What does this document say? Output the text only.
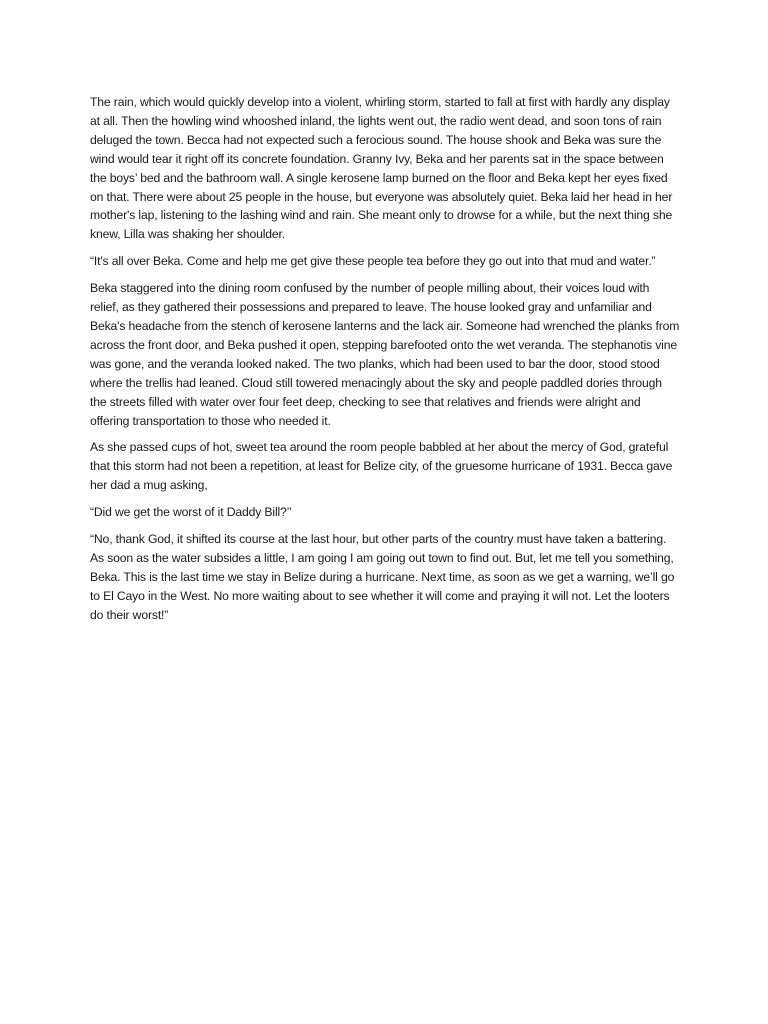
The rain, which would quickly develop into a violent, whirling storm, started to fall at first with hardly any display at all. Then the howling wind whooshed inland, the lights went out, the radio went dead, and soon tons of rain deluged the town. Becca had not expected such a ferocious sound. The house shook and Beka was sure the wind would tear it right off its concrete foundation. Granny Ivy, Beka and her parents sat in the space between the boys’ bed and the bathroom wall. A single kerosene lamp burned on the floor and Beka kept her eyes fixed on that. There were about 25 people in the house, but everyone was absolutely quiet. Beka laid her head in her mother's lap, listening to the lashing wind and rain. She meant only to drowse for a while, but the next thing she knew, Lilla was shaking her shoulder.

“It's all over Beka. Come and help me get give these people tea before they go out into that mud and water.”

Beka staggered into the dining room confused by the number of people milling about, their voices loud with relief, as they gathered their possessions and prepared to leave. The house looked gray and unfamiliar and Beka's headache from the stench of kerosene lanterns and the lack air. Someone had wrenched the planks from across the front door, and Beka pushed it open, stepping barefooted onto the wet veranda. The stephanotis vine was gone, and the veranda looked naked. The two planks, which had been used to bar the door, stood stood where the trellis had leaned. Cloud still towered menacingly about the sky and people paddled dories through the streets filled with water over four feet deep, checking to see that relatives and friends were alright and offering transportation to those who needed it.

As she passed cups of hot, sweet tea around the room people babbled at her about the mercy of God, grateful that this storm had not been a repetition, at least for Belize city, of the gruesome hurricane of 1931. Becca gave her dad a mug asking,

“Did we get the worst of it Daddy Bill?’’

“No, thank God, it shifted its course at the last hour, but other parts of the country must have taken a battering. As soon as the water subsides a little, I am going I am going out town to find out. But, let me tell you something, Beka. This is the last time we stay in Belize during a hurricane. Next time, as soon as we get a warning, we’ll go to El Cayo in the West. No more waiting about to see whether it will come and praying it will not. Let the looters do their worst!”
